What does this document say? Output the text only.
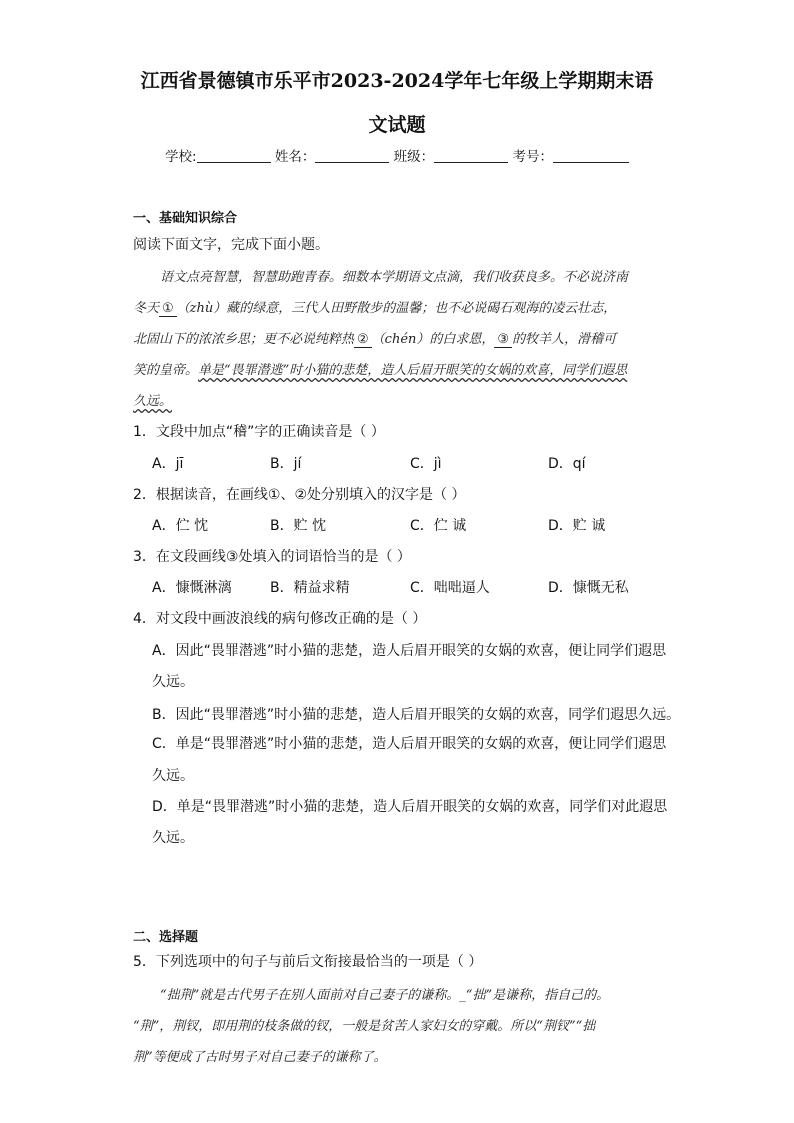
江西省景德镇市乐平市2023-2024学年七年级上学期期末语
文试题
学校:	姓名：	班级：	考号：
一、基础知识综合
阅读下面文字，完成下面小题。
语文点亮智慧，智慧助跑青春。细数本学期语文点滴，我们收获良多。不必说济南
冬天 ① （zhù）藏的绿意，三代人田野散步的温馨；也不必说碣石观海的凌云壮志，
北固山下的浓浓乡思；更不必说纯粹热 ② （chén）的白求恩， ③ 的牧羊人，滑稽可
笑的皇帝。单是“畏罪潜逃”时小猫的悲楚，造人后眉开眼笑的女娲的欢喜，同学们遐思
久远。
1．文段中加点“稽”字的正确读音是（ ）
A．jī	B．jí	C．jì	D．qí
2．根据读音，在画线①、②处分别填入的汉字是（ ）
A．伫 忱	B．贮 忱	C．伫 诚	D．贮 诚
3．在文段画线③处填入的词语恰当的是（ ）
A．慷慨淋漓	B．精益求精	C．咄咄逼人	D．慷慨无私
4．对文段中画波浪线的病句修改正确的是（ ）
A．因此“畏罪潜逃”时小猫的悲楚，造人后眉开眼笑的女娲的欢喜，便让同学们遐思
久远。
B．因此“畏罪潜逃”时小猫的悲楚，造人后眉开眼笑的女娲的欢喜，同学们遐思久远。
C．单是“畏罪潜逃”时小猫的悲楚，造人后眉开眼笑的女娲的欢喜，便让同学们遐思
久远。
D．单是“畏罪潜逃”时小猫的悲楚，造人后眉开眼笑的女娲的欢喜，同学们对此遐思
久远。
二、选择题
5．下列选项中的句子与前后文衔接最恰当的一项是（ ）
“拙荆”就是古代男子在别人面前对自己妻子的谦称。_“拙”是谦称，指自己的。
“荆”，荆钗，即用荆的枝条做的钗，一般是贫苦人家妇女的穿戴。所以“荆钗”“拙
荆”等便成了古时男子对自己妻子的谦称了。
